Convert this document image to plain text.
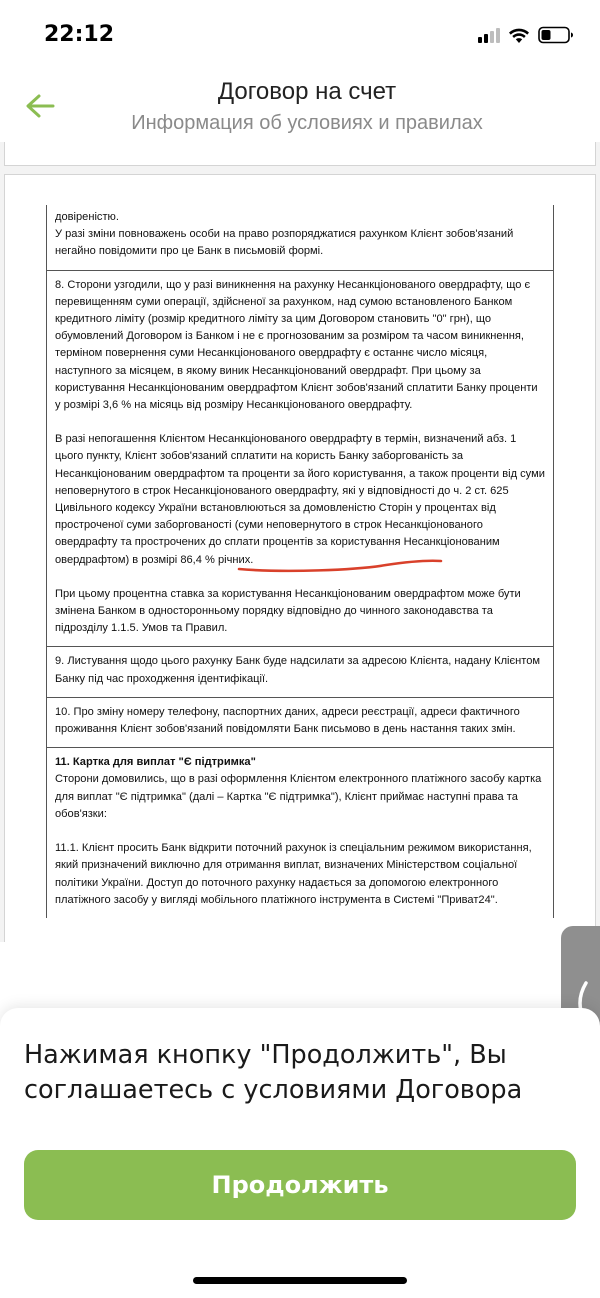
22:12
Договор на счет
Информация об условиях и правилах

довіреністю.

У разі зміни повноважень особи на право розпоряджатися рахунком Клієнт зобов'язаний негайно повідомити про це Банк в письмовій формі.

8. Сторони узгодили, що у разі виникнення на рахунку Несанкціонованого овердрафту, що є перевищенням суми операції, здійсненої за рахунком, над сумою встановленого Банком кредитного ліміту (розмір кредитного ліміту за цим Договором становить "0" грн), що обумовлений Договором із Банком і не є прогнозованим за розміром та часом виникнення, терміном повернення суми Несанкціонованого овердрафту є останнє число місяця, наступного за місяцем, в якому виник Несанкціонований овердрафт. При цьому за користування Несанкціонованим овердрафтом Клієнт зобов'язаний сплатити Банку проценти у розмірі 3,6 % на місяць від розміру Несанкціонованого овердрафту.

В разі непогашення Клієнтом Несанкціонованого овердрафту в термін, визначений абз. 1 цього пункту, Клієнт зобов'язаний сплатити на користь Банку заборгованість за Несанкціонованим овердрафтом та проценти за його користування, а також проценти від суми неповернутого в строк Несанкціонованого овердрафту, які у відповідності до ч. 2 ст. 625 Цивільного кодексу України встановлюються за домовленістю Сторін у процентах від простроченої суми заборгованості (суми неповернутого в строк Несанкціонованого овердрафту та прострочених до сплати процентів за користування Несанкціонованим овердрафтом) в розмірі 86,4 % річних.

При цьому процентна ставка за користування Несанкціонованим овердрафтом може бути змінена Банком в односторонньому порядку відповідно до чинного законодавства та підрозділу 1.1.5. Умов та Правил.

9. Листування щодо цього рахунку Банк буде надсилати за адресою Клієнта, надану Клієнтом Банку під час проходження ідентифікації.

10. Про зміну номеру телефону, паспортних даних, адреси реєстрації, адреси фактичного проживання Клієнт зобов'язаний повідомляти Банк письмово в день настання таких змін.

11. Картка для виплат "Є підтримка"

Сторони домовились, що в разі оформлення Клієнтом електронного платіжного засобу картка для виплат "Є підтримка" (далі – Картка "Є підтримка"), Клієнт приймає наступні права та обов'язки:

11.1. Клієнт просить Банк відкрити поточний рахунок із спеціальним режимом використання, який призначений виключно для отримання виплат, визначених Міністерством соціальної політики України. Доступ до поточного рахунку надається за допомогою електронного платіжного засобу у вигляді мобільного платіжного інструмента в Системі "Приват24".

Нажимая кнопку "Продолжить", Вы соглашаетесь с условиями Договора
Продолжить
